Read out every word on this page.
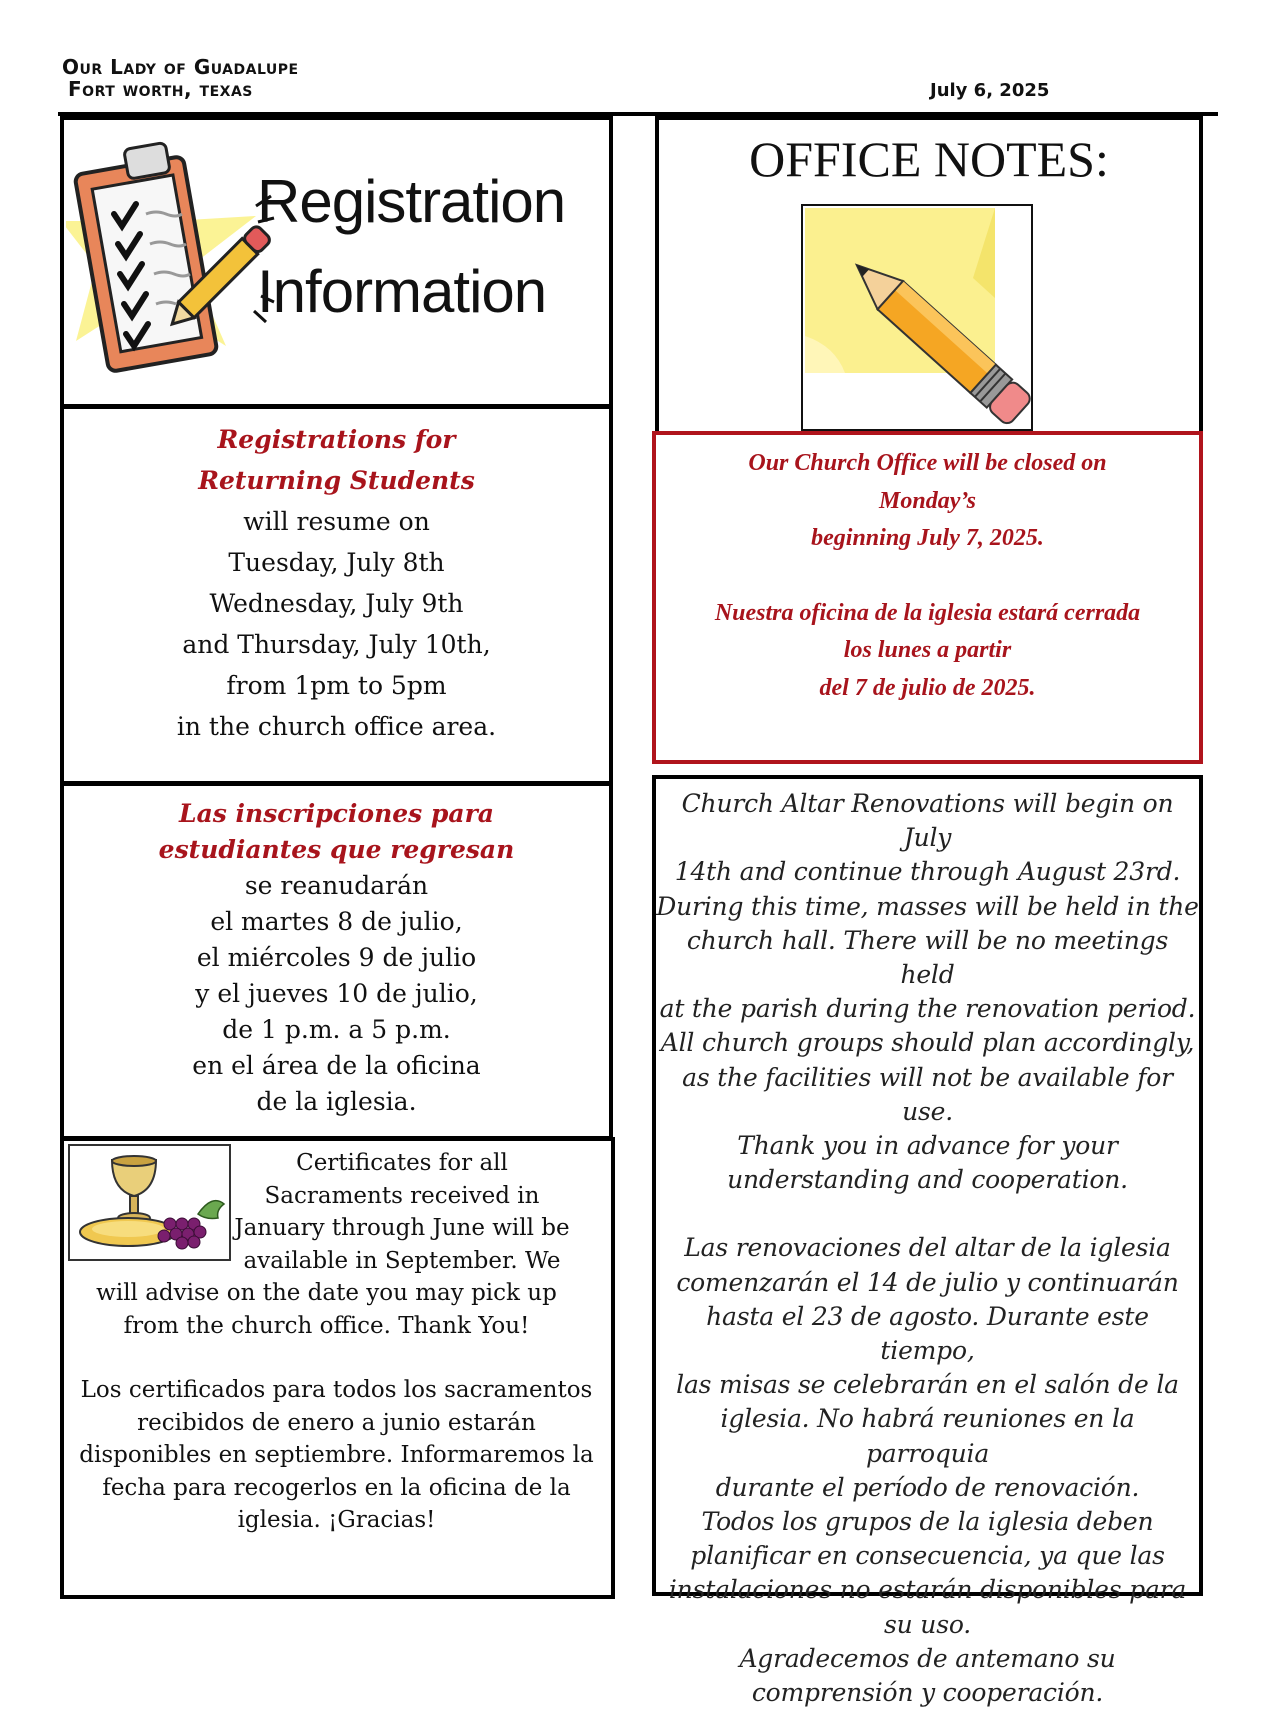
Our Lady of Guadalupe
Fort worth, texas	July 6, 2025
Registration
Information
Registrations for
Returning Students
will resume on
Tuesday, July 8th
Wednesday, July 9th
and Thursday, July 10th,
from 1pm to 5pm
in the church office area.
Las inscripciones para
estudiantes que regresan
se reanudarán
el martes 8 de julio,
el miércoles 9 de julio
y el jueves 10 de julio,
de 1 p.m. a 5 p.m.
en el área de la oficina
de la iglesia.
Certificates for all
Sacraments received in
January through June will be
available in September. We
will advise on the date you may pick up
from the church office. Thank You!
Los certificados para todos los sacramentos
recibidos de enero a junio estarán
disponibles en septiembre. Informaremos la
fecha para recogerlos en la oficina de la
iglesia. ¡Gracias!
OFFICE NOTES:
Our Church Office will be closed on
Monday’s
beginning July 7, 2025.
Nuestra oficina de la iglesia estará cerrada
los lunes a partir
del 7 de julio de 2025.
Church Altar Renovations will begin on July
14th and continue through August 23rd.
During this time, masses will be held in the
church hall. There will be no meetings held
at the parish during the renovation period.
All church groups should plan accordingly,
as the facilities will not be available for use.
Thank you in advance for your
understanding and cooperation.
Las renovaciones del altar de la iglesia
comenzarán el 14 de julio y continuarán
hasta el 23 de agosto. Durante este tiempo,
las misas se celebrarán en el salón de la
iglesia. No habrá reuniones en la parroquia
durante el período de renovación.
Todos los grupos de la iglesia deben
planificar en consecuencia, ya que las
instalaciones no estarán disponibles para
su uso.
Agradecemos de antemano su
comprensión y cooperación.
